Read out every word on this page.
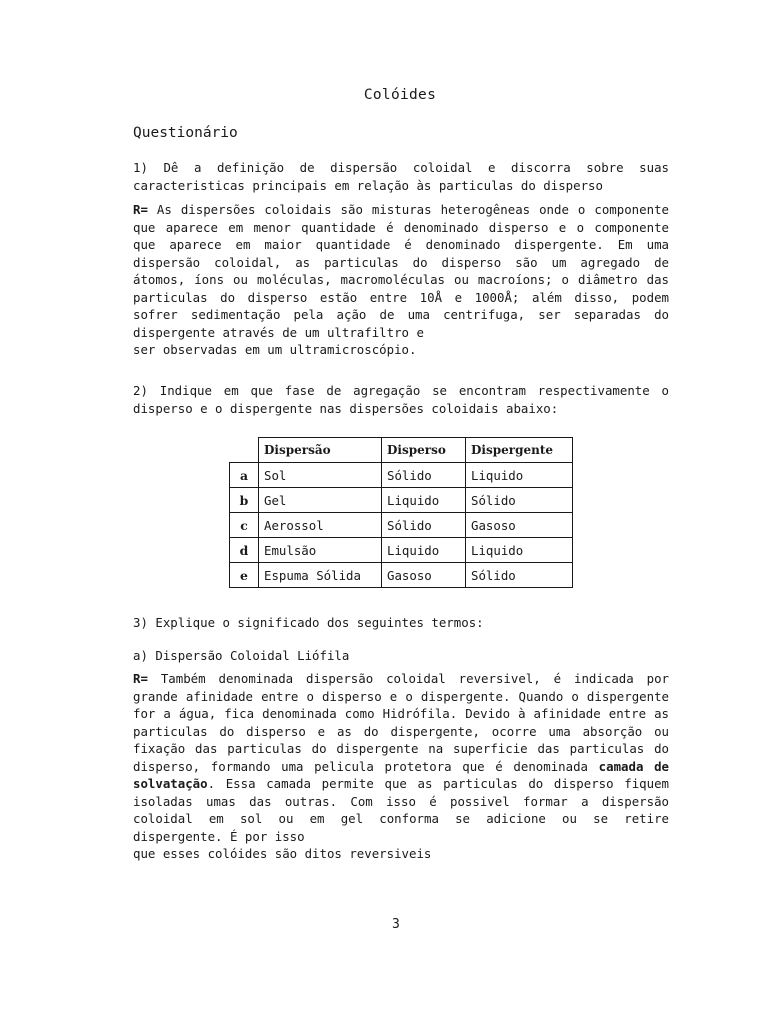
Colóides
Questionário

1) Dê a definição de dispersão coloidal e discorra sobre suas caracteristicas principais em relação às particulas do disperso

R= As dispersões coloidais são misturas heterogêneas onde o componente que aparece em menor quantidade é denominado disperso e o componente que aparece em maior quantidade é denominado dispergente. Em uma dispersão coloidal, as particulas do disperso são um agregado de átomos, íons ou moléculas, macromoléculas ou macroíons; o diâmetro das particulas do disperso estão entre 10Å e 1000Å; além disso, podem sofrer sedimentação pela ação de uma centrifuga, ser separadas do dispergente através de um ultrafiltro e
ser observadas em um ultramicroscópio.

2) Indique em que fase de agregação se encontram respectivamente o disperso e o dispergente nas dispersões coloidais abaixo:

	Dispersão	Disperso	Dispergente
a	Sol	Sólido	Liquido
b	Gel	Liquido	Sólido
c	Aerossol	Sólido	Gasoso
d	Emulsão	Liquido	Liquido
e	Espuma Sólida	Gasoso	Sólido

3) Explique o significado dos seguintes termos:

a) Dispersão Coloidal Liófila

R= Também denominada dispersão coloidal reversivel, é indicada por grande afinidade entre o disperso e o dispergente. Quando o dispergente for a água, fica denominada como Hidrófila. Devido à afinidade entre as particulas do disperso e as do dispergente, ocorre uma absorção ou fixação das particulas do dispergente na superficie das particulas do disperso, formando uma pelicula protetora que é denominada camada de solvatação. Essa camada permite que as particulas do disperso fiquem isoladas umas das outras. Com isso é possivel formar a dispersão coloidal em sol ou em gel conforma se adicione ou se retire dispergente. É por isso
que esses colóides são ditos reversiveis

3
